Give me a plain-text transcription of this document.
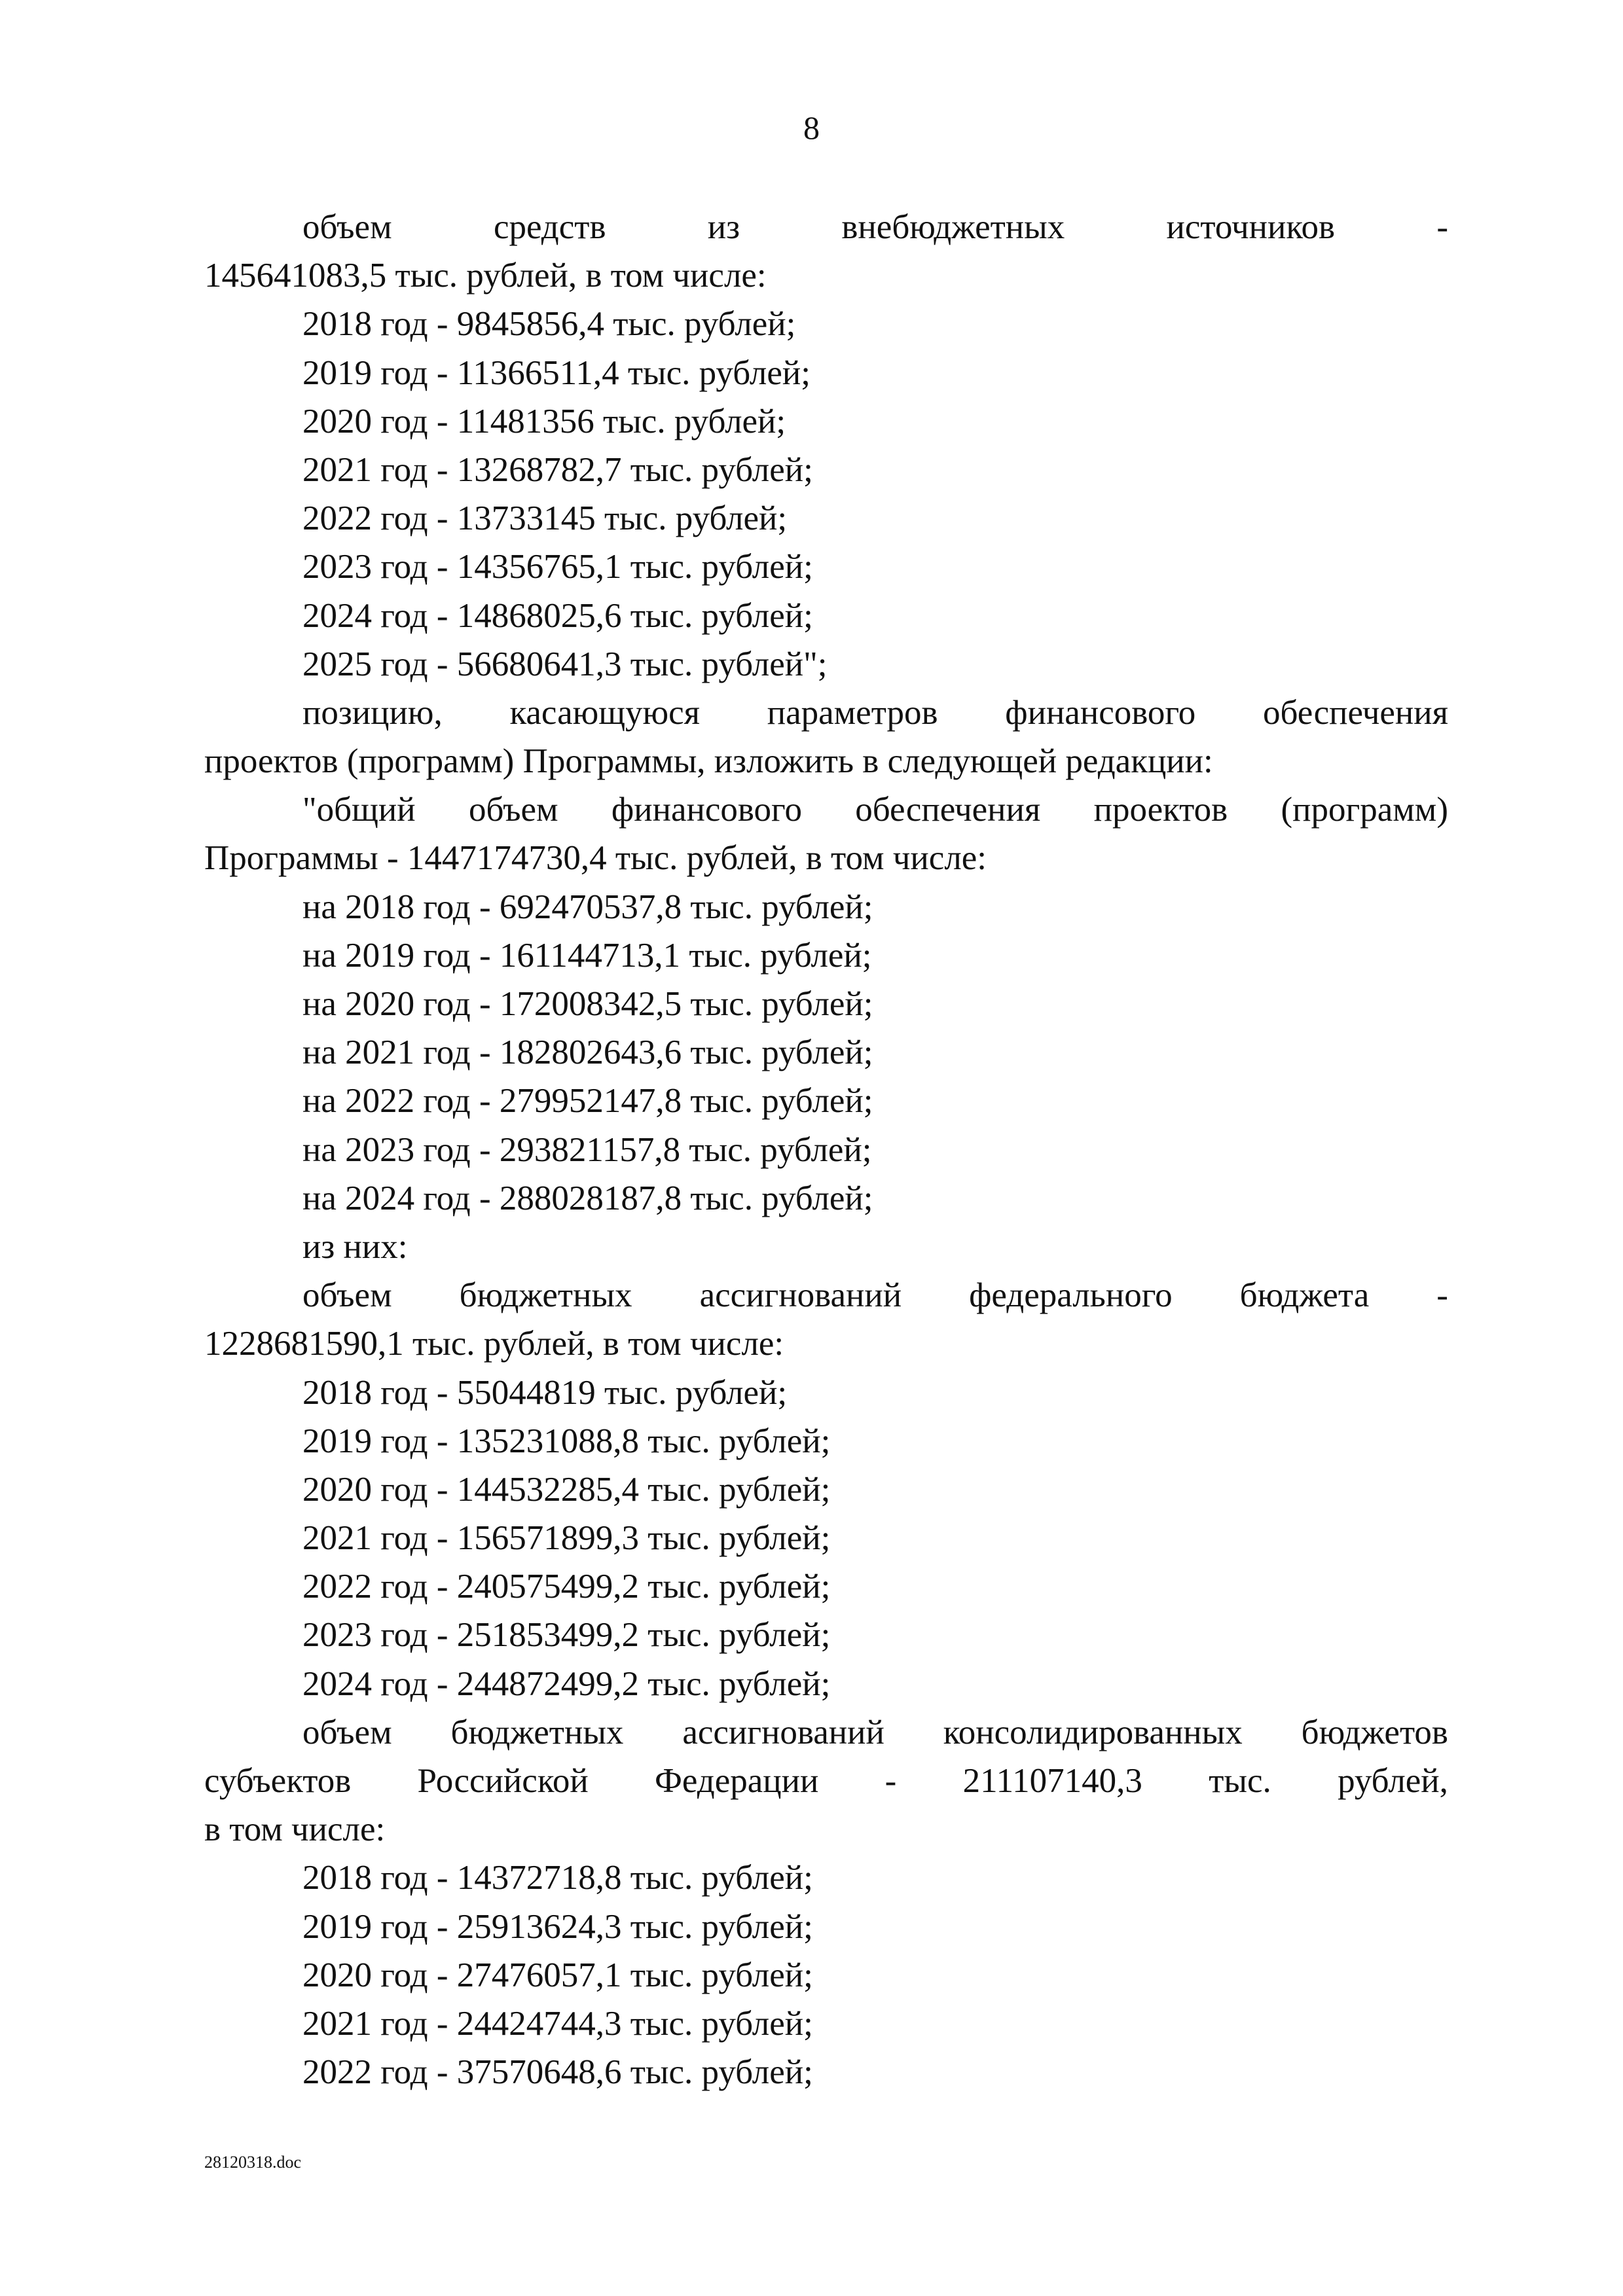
8
объем	средств	из	внебюджетных	источников	-
145641083,5 тыс. рублей, в том числе:
2018 год - 9845856,4 тыс. рублей;
2019 год - 11366511,4 тыс. рублей;
2020 год - 11481356 тыс. рублей;
2021 год - 13268782,7 тыс. рублей;
2022 год - 13733145 тыс. рублей;
2023 год - 14356765,1 тыс. рублей;
2024 год - 14868025,6 тыс. рублей;
2025 год - 56680641,3 тыс. рублей";
позицию, касающуюся параметров финансового обеспечения
проектов (программ) Программы, изложить в следующей редакции:
"общий объем финансового обеспечения проектов (программ)
Программы - 1447174730,4 тыс. рублей, в том числе:
на 2018 год - 692470537,8 тыс. рублей;
на 2019 год - 161144713,1 тыс. рублей;
на 2020 год - 172008342,5 тыс. рублей;
на 2021 год - 182802643,6 тыс. рублей;
на 2022 год - 279952147,8 тыс. рублей;
на 2023 год - 293821157,8 тыс. рублей;
на 2024 год - 288028187,8 тыс. рублей;
из них:
объем бюджетных ассигнований федерального бюджета -
1228681590,1 тыс. рублей, в том числе:
2018 год - 55044819 тыс. рублей;
2019 год - 135231088,8 тыс. рублей;
2020 год - 144532285,4 тыс. рублей;
2021 год - 156571899,3 тыс. рублей;
2022 год - 240575499,2 тыс. рублей;
2023 год - 251853499,2 тыс. рублей;
2024 год - 244872499,2 тыс. рублей;
объем бюджетных ассигнований консолидированных бюджетов
субъектов Российской Федерации - 211107140,3 тыс. рублей,
в том числе:
2018 год - 14372718,8 тыс. рублей;
2019 год - 25913624,3 тыс. рублей;
2020 год - 27476057,1 тыс. рублей;
2021 год - 24424744,3 тыс. рублей;
2022 год - 37570648,6 тыс. рублей;
28120318.doc
